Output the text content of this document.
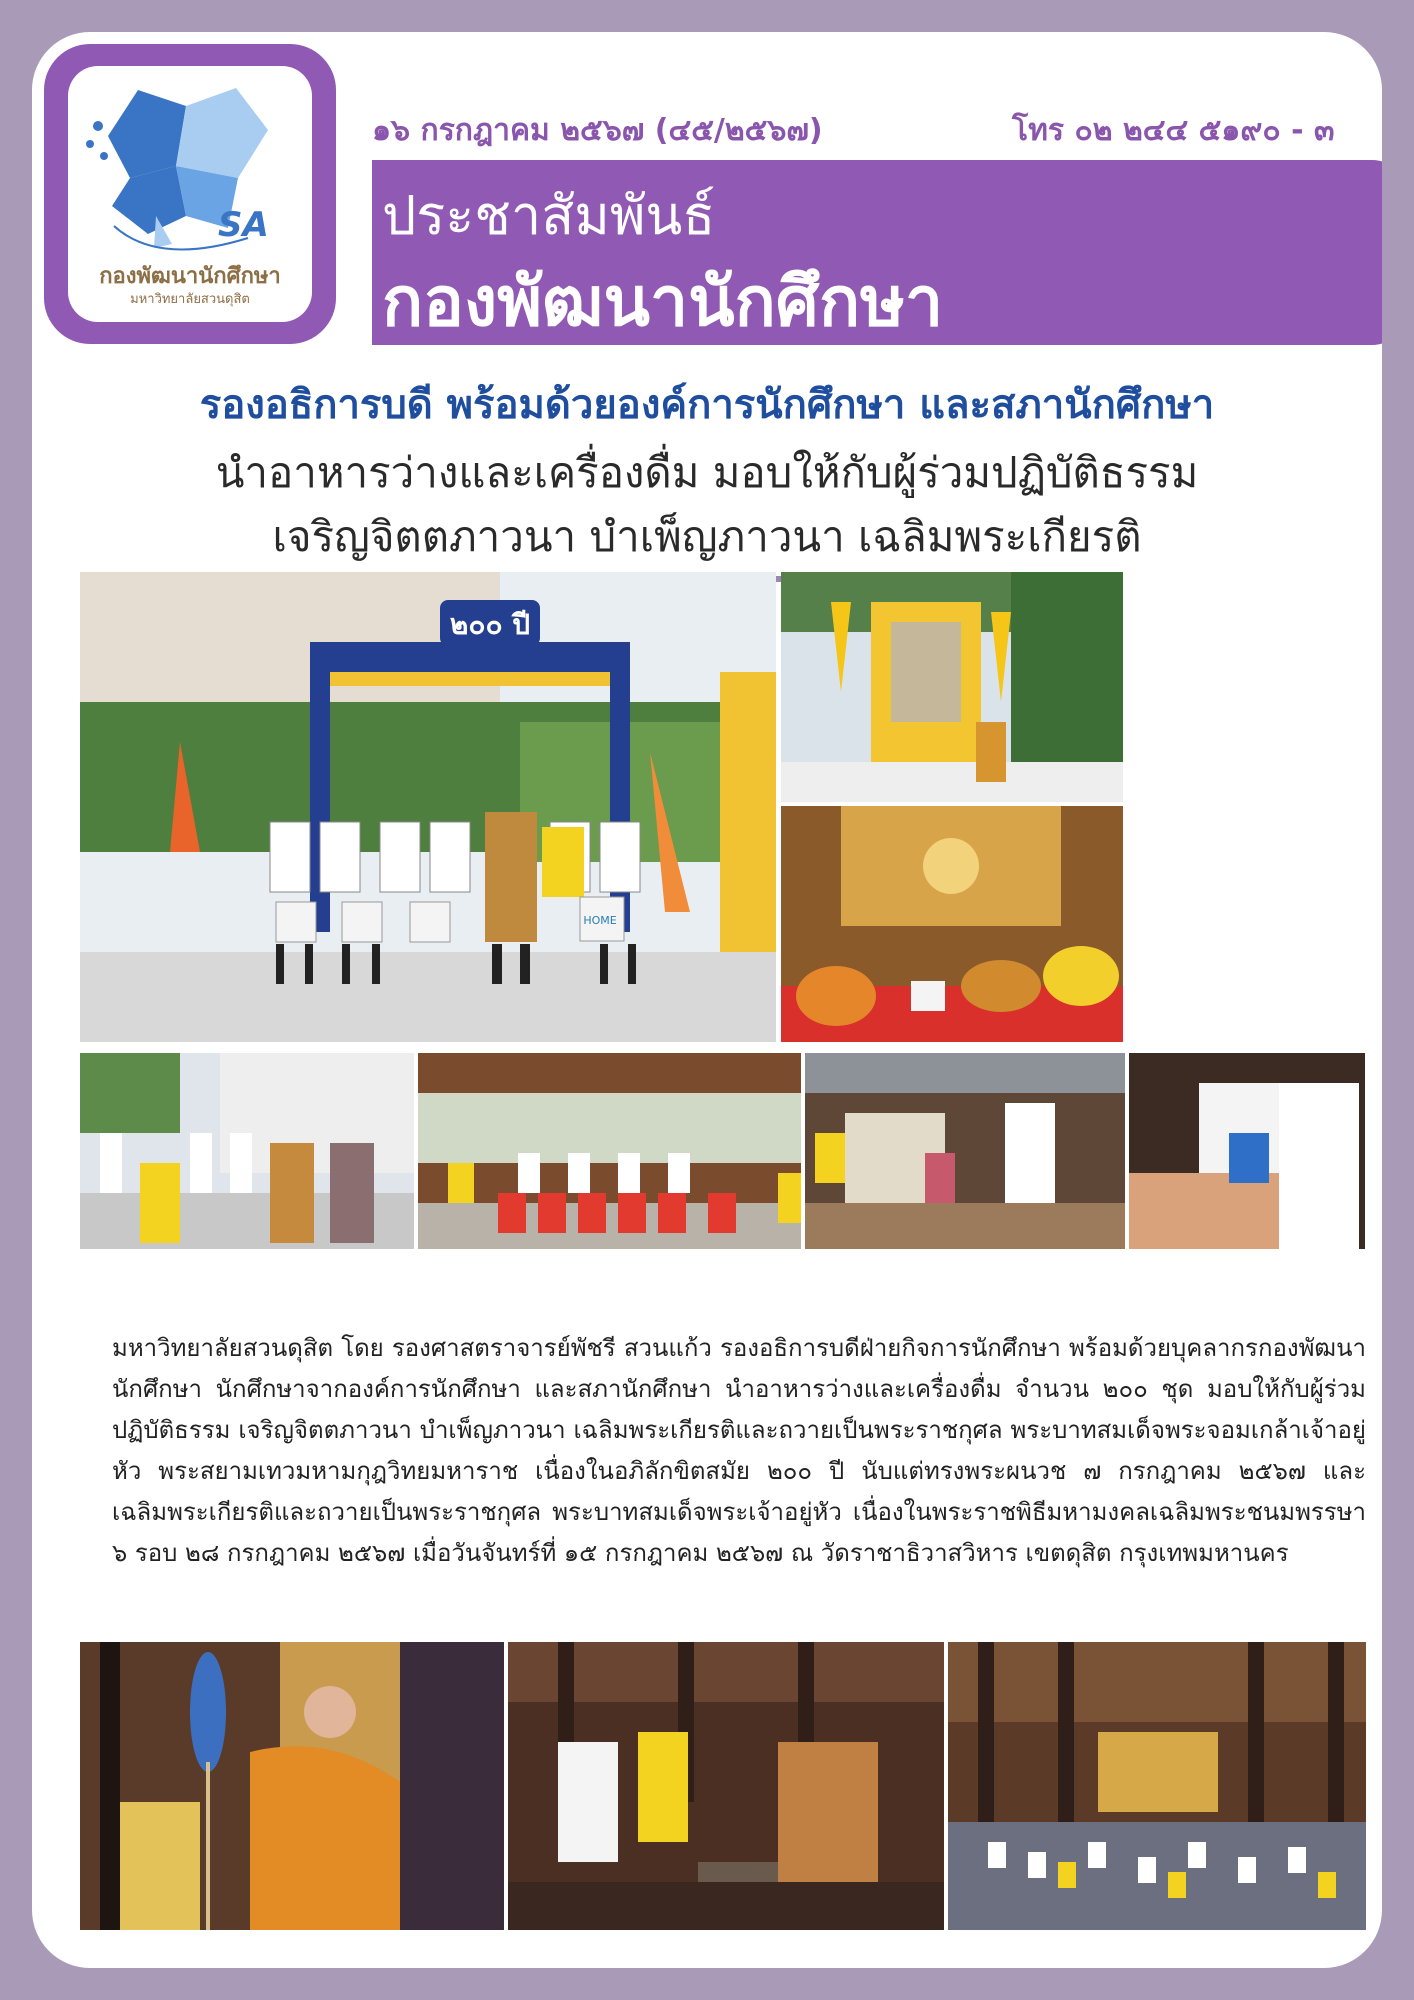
SA
กองพัฒนานักศึกษา
มหาวิทยาลัยสวนดุสิต
๑๖ กรกฎาคม ๒๕๖๗ (๔๕/๒๕๖๗)	โทร ๐๒ ๒๔๔ ๕๑๙๐ - ๓
ประชาสัมพันธ์
กองพัฒนานักศึกษา
รองอธิการบดี พร้อมด้วยองค์การนักศึกษา และสภานักศึกษา
นำอาหารว่างและเครื่องดื่ม มอบให้กับผู้ร่วมปฏิบัติธรรม
เจริญจิตตภาวนา บำเพ็ญภาวนา เฉลิมพระเกียรติ
๒๐๐ ปี
HOME
มหาวิทยาลัยสวนดุสิต โดย รองศาสตราจารย์พัชรี สวนแก้ว รองอธิการบดีฝ่ายกิจการนักศึกษา พร้อมด้วยบุคลากรกองพัฒนานักศึกษา นักศึกษาจากองค์การนักศึกษา และสภานักศึกษา นำอาหารว่างและเครื่องดื่ม จำนวน ๒๐๐ ชุด มอบให้กับผู้ร่วมปฏิบัติธรรม เจริญจิตตภาวนา บำเพ็ญภาวนา เฉลิมพระเกียรติและถวายเป็นพระราชกุศล พระบาทสมเด็จพระจอมเกล้าเจ้าอยู่หัว พระสยามเทวมหามกุฎวิทยมหาราช เนื่องในอภิลักขิตสมัย ๒๐๐ ปี นับแต่ทรงพระผนวช ๗ กรกฎาคม ๒๕๖๗ และเฉลิมพระเกียรติและถวายเป็นพระราชกุศล พระบาทสมเด็จพระเจ้าอยู่หัว เนื่องในพระราชพิธีมหามงคลเฉลิมพระชนมพรรษา ๖ รอบ ๒๘ กรกฎาคม ๒๕๖๗ เมื่อวันจันทร์ที่ ๑๕ กรกฎาคม ๒๕๖๗ ณ วัดราชาธิวาสวิหาร เขตดุสิต กรุงเทพมหานคร
